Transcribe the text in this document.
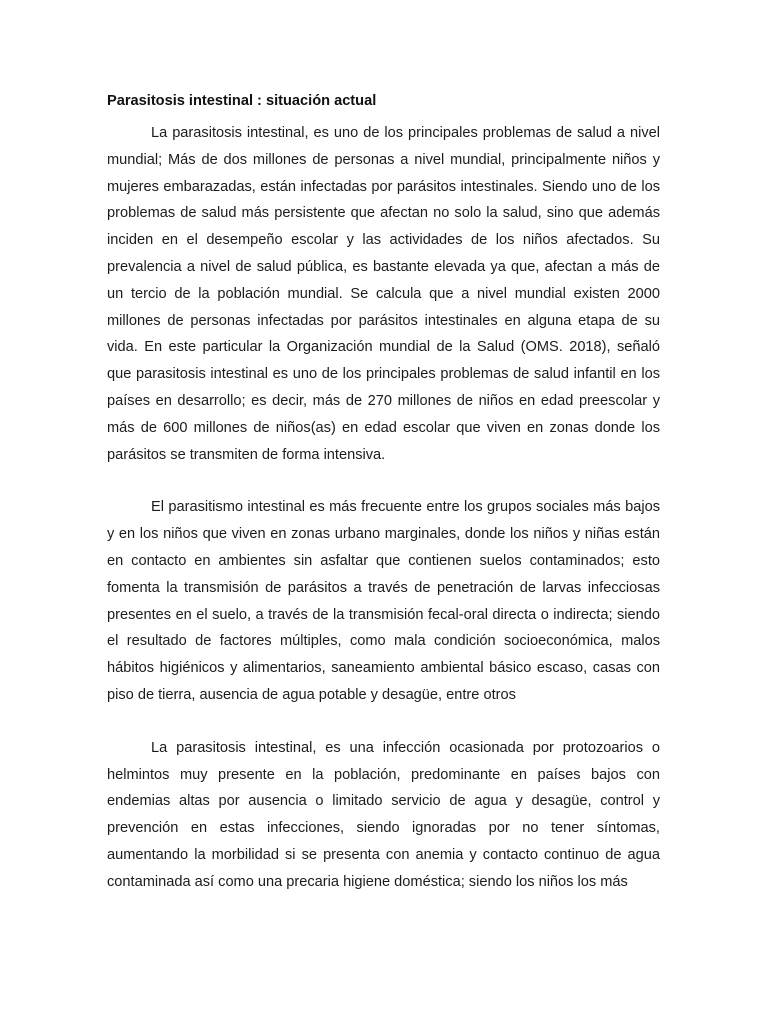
Parasitosis intestinal : situación actual

La parasitosis intestinal, es uno de los principales problemas de salud a nivel mundial; Más de dos millones de personas a nivel mundial, principalmente niños y mujeres embarazadas, están infectadas por parásitos intestinales. Siendo uno de los problemas de salud más persistente que afectan no solo la salud, sino que además inciden en el desempeño escolar y las actividades de los niños afectados. Su prevalencia a nivel de salud pública, es bastante elevada ya que, afectan a más de un tercio de la población mundial. Se calcula que a nivel mundial existen 2000 millones de personas infectadas por parásitos intestinales en alguna etapa de su vida. En este particular la Organización mundial de la Salud (OMS. 2018), señaló que parasitosis intestinal es uno de los principales problemas de salud infantil en los países en desarrollo; es decir, más de 270 millones de niños en edad preescolar y más de 600 millones de niños(as) en edad escolar que viven en zonas donde los parásitos se transmiten de forma intensiva.

El parasitismo intestinal es más frecuente entre los grupos sociales más bajos y en los niños que viven en zonas urbano marginales, donde los niños y niñas están en contacto en ambientes sin asfaltar que contienen suelos contaminados; esto fomenta la transmisión de parásitos a través de penetración de larvas infecciosas presentes en el suelo, a través de la transmisión fecal-oral directa o indirecta; siendo el resultado de factores múltiples, como mala condición socioeconómica, malos hábitos higiénicos y alimentarios, saneamiento ambiental básico escaso, casas con piso de tierra, ausencia de agua potable y desagüe, entre otros

La parasitosis intestinal, es una infección ocasionada por protozoarios o helmintos muy presente en la población, predominante en países bajos con endemias altas por ausencia o limitado servicio de agua y desagüe, control y prevención en estas infecciones, siendo ignoradas por no tener síntomas, aumentando la morbilidad si se presenta con anemia y contacto continuo de agua contaminada así como una precaria higiene doméstica; siendo los niños los más
